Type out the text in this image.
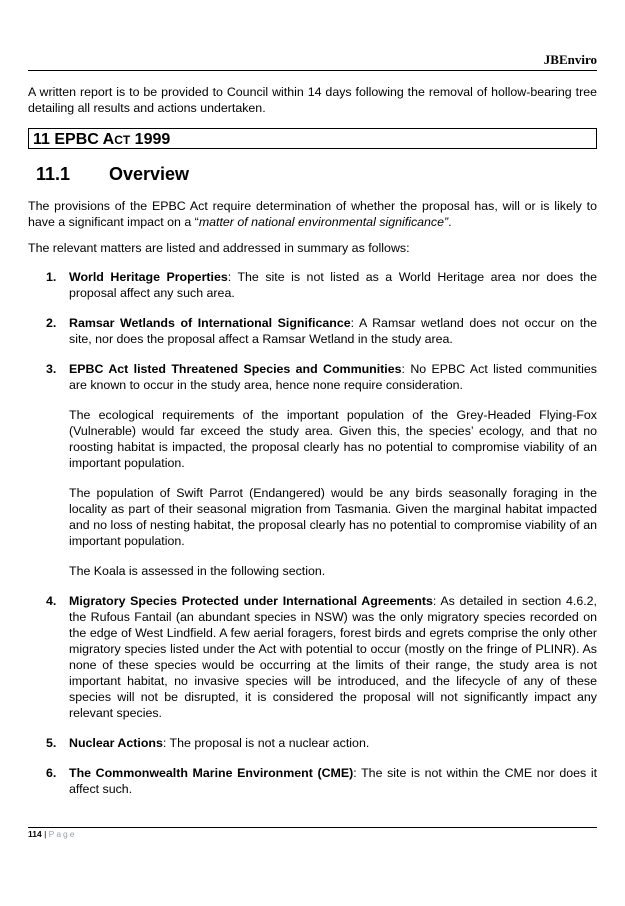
JBEnviro
A written report is to be provided to Council within 14 days following the removal of hollow-bearing tree detailing all results and actions undertaken.
11 EPBC ACT 1999
11.1 Overview
The provisions of the EPBC Act require determination of whether the proposal has, will or is likely to have a significant impact on a “matter of national environmental significance”.
The relevant matters are listed and addressed in summary as follows:
1.	World Heritage Properties: The site is not listed as a World Heritage area nor does the proposal affect any such area.

2.	Ramsar Wetlands of International Significance: A Ramsar wetland does not occur on the site, nor does the proposal affect a Ramsar Wetland in the study area.

3.	EPBC Act listed Threatened Species and Communities: No EPBC Act listed communities are known to occur in the study area, hence none require consideration.

The ecological requirements of the important population of the Grey-Headed Flying-Fox (Vulnerable) would far exceed the study area. Given this, the species’ ecology, and that no roosting habitat is impacted, the proposal clearly has no potential to compromise viability of an important population.

The population of Swift Parrot (Endangered) would be any birds seasonally foraging in the locality as part of their seasonal migration from Tasmania. Given the marginal habitat impacted and no loss of nesting habitat, the proposal clearly has no potential to compromise viability of an important population.

The Koala is assessed in the following section.

4.	Migratory Species Protected under International Agreements: As detailed in section 4.6.2, the Rufous Fantail (an abundant species in NSW) was the only migratory species recorded on the edge of West Lindfield. A few aerial foragers, forest birds and egrets comprise the only other migratory species listed under the Act with potential to occur (mostly on the fringe of PLINR). As none of these species would be occurring at the limits of their range, the study area is not important habitat, no invasive species will be introduced, and the lifecycle of any of these species will not be disrupted, it is considered the proposal will not significantly impact any relevant species.

5.	Nuclear Actions: The proposal is not a nuclear action.

6.	The Commonwealth Marine Environment (CME): The site is not within the CME nor does it affect such.

114 | Page
